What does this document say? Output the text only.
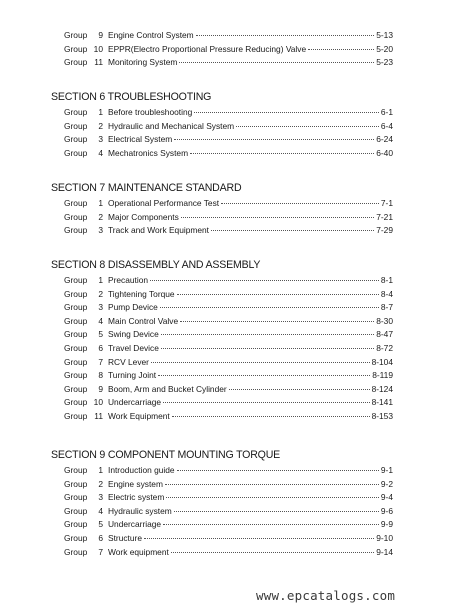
Group	9 Engine Control System	5-13
Group 10 EPPR(Electro Proportional Pressure Reducing) Valve	5-20
Group 11 Monitoring System	5-23
SECTION 6 TROUBLESHOOTING
Group	1 Before troubleshooting	6-1
Group	2 Hydraulic and Mechanical System	6-4
Group	3 Electrical System	6-24
Group	4 Mechatronics System	6-40
SECTION 7 MAINTENANCE STANDARD
Group	1 Operational Performance Test	7-1
Group	2 Major Components	7-21
Group	3 Track and Work Equipment	7-29
SECTION 8 DISASSEMBLY AND ASSEMBLY
Group	1 Precaution	8-1
Group	2 Tightening Torque	8-4
Group	3 Pump Device	8-7
Group	4 Main Control Valve	8-30
Group	5 Swing Device	8-47
Group	6 Travel Device	8-72
Group	7 RCV Lever	8-104
Group	8 Turning Joint	8-119
Group	9 Boom, Arm and Bucket Cylinder	8-124
Group 10 Undercarriage	8-141
Group 11 Work Equipment	8-153
SECTION 9 COMPONENT MOUNTING TORQUE
Group	1 Introduction guide	9-1
Group	2 Engine system	9-2
Group	3 Electric system	9-4
Group	4 Hydraulic system	9-6
Group	5 Undercarriage	9-9
Group	6 Structure	9-10
Group	7 Work equipment	9-14
www.epcatalogs.com
